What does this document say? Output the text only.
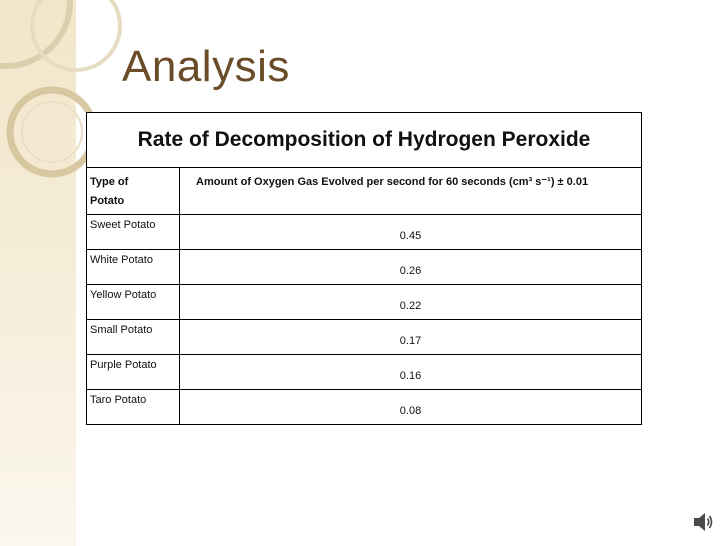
Analysis
Rate of Decomposition of Hydrogen Peroxide
Type of
Potato	Amount of Oxygen Gas Evolved per second for 60 seconds (cm³ s⁻¹) ± 0.01

Sweet Potato	0.45

White Potato	0.26

Yellow Potato	0.22

Small Potato	0.17

Purple Potato	0.16

Taro Potato	0.08
